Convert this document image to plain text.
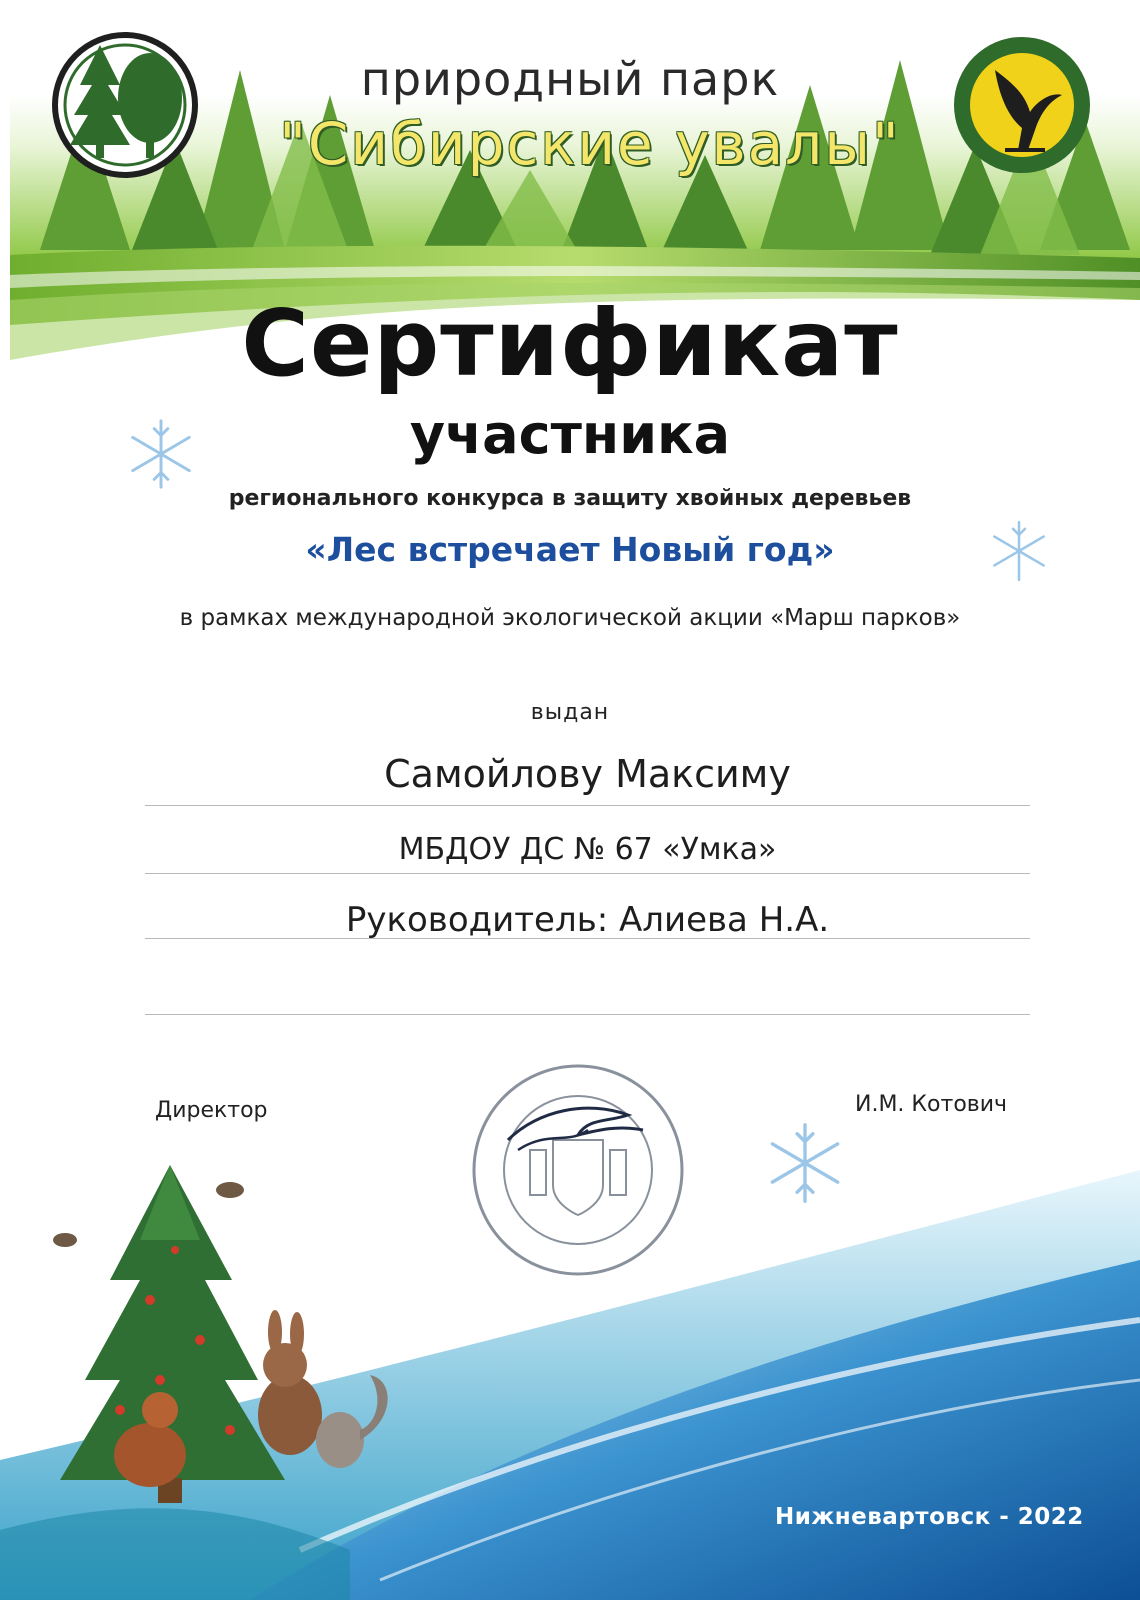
природный парк
"Сибирские увалы"
Сертификат
участника
регионального конкурса в защиту хвойных деревьев
«Лес встречает Новый год»
в рамках международной экологической акции «Марш парков»
выдан
Самойлову Максиму
МБДОУ ДС № 67 «Умка»
Руководитель: Алиева Н.А.
Директор	И.М. Котович
Нижневартовск - 2022
